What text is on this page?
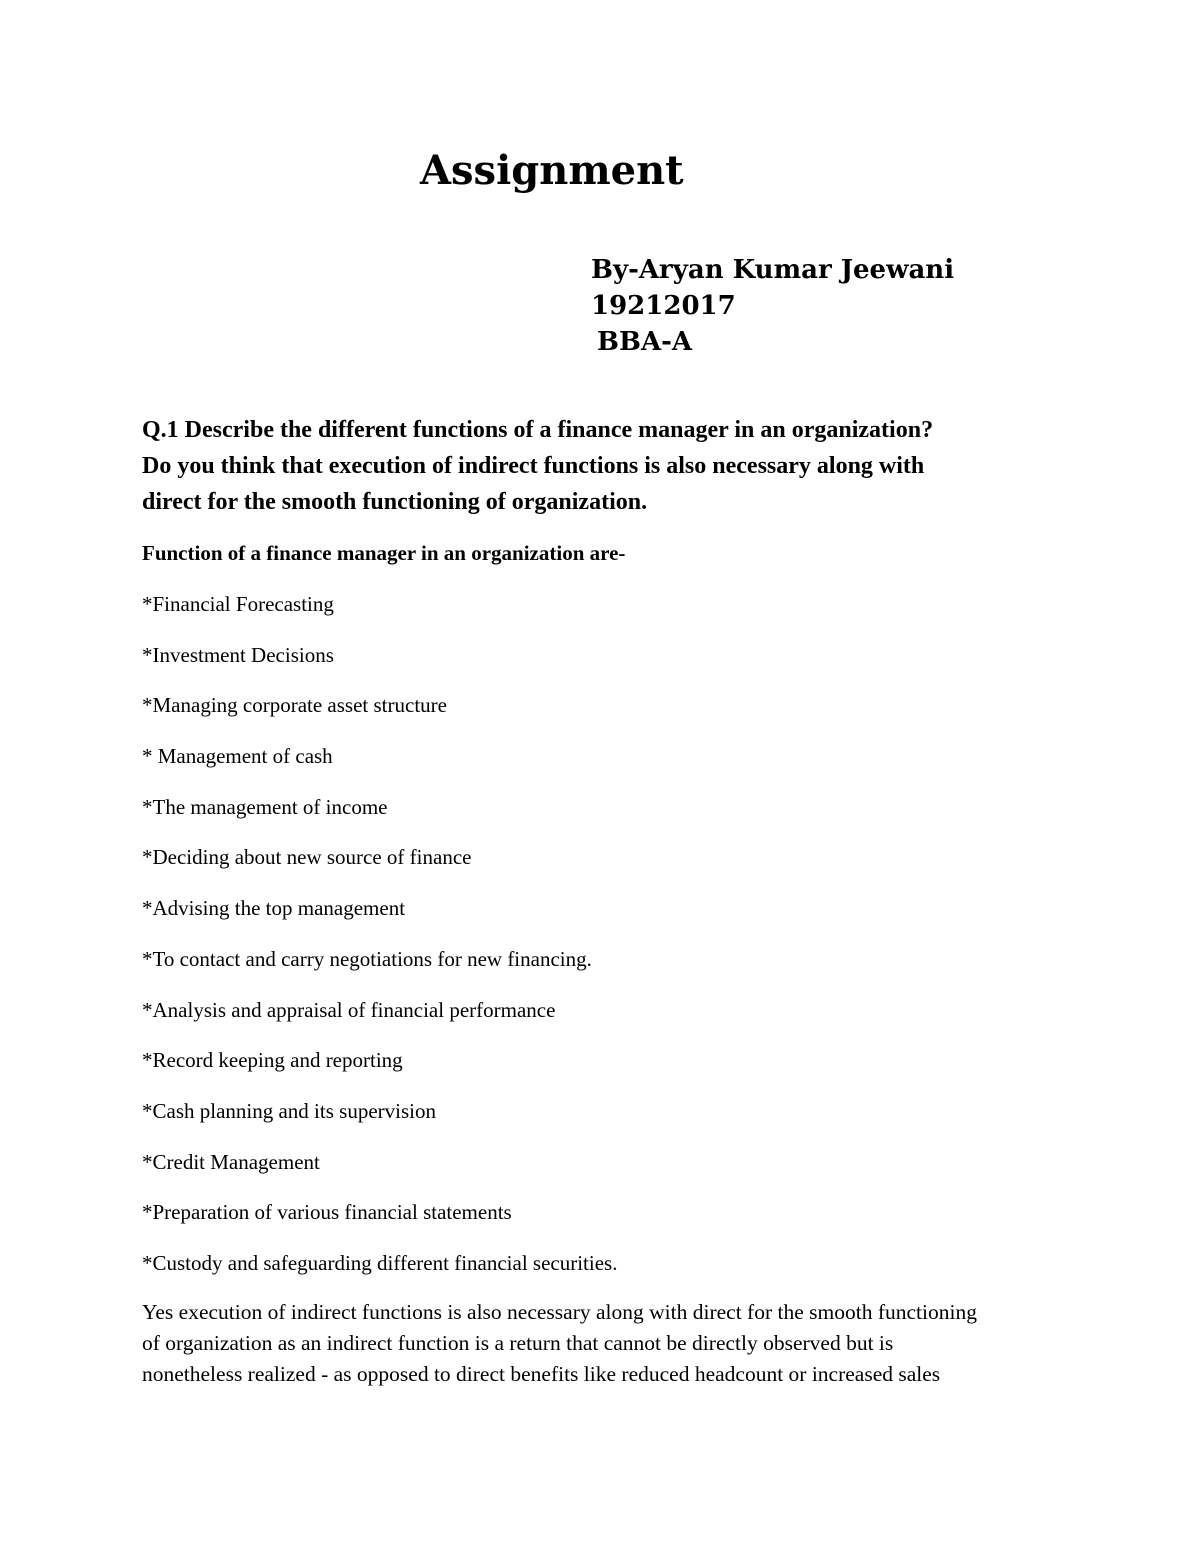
Assignment
By-Aryan Kumar Jeewani
19212017
BBA-A
Q.1 Describe the different functions of a finance manager in an organization?
Do you think that execution of indirect functions is also necessary along with
direct for the smooth functioning of organization.
Function of a finance manager in an organization are-
*Financial Forecasting
*Investment Decisions
*Managing corporate asset structure
* Management of cash
*The management of income
*Deciding about new source of finance
*Advising the top management
*To contact and carry negotiations for new financing.
*Analysis and appraisal of financial performance
*Record keeping and reporting
*Cash planning and its supervision
*Credit Management
*Preparation of various financial statements
*Custody and safeguarding different financial securities.
Yes execution of indirect functions is also necessary along with direct for the smooth functioning
of organization as an indirect function is a return that cannot be directly observed but is
nonetheless realized - as opposed to direct benefits like reduced headcount or increased sales
